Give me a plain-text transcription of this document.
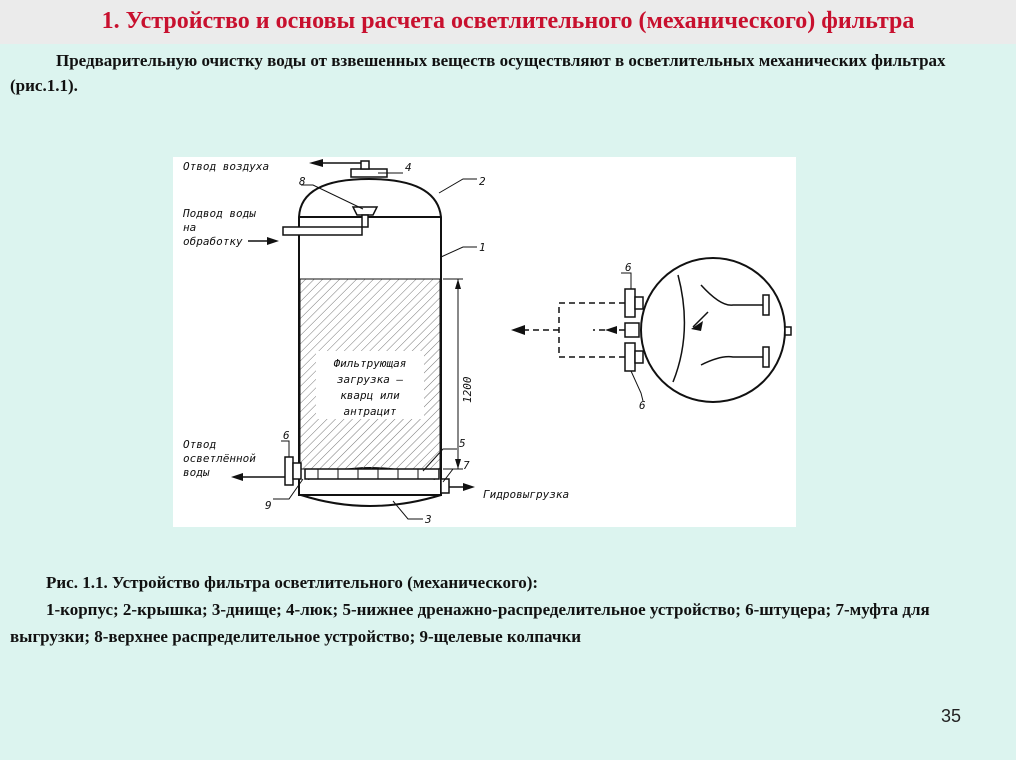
1. Устройство и основы расчета осветлительного (механического) фильтра
Предварительную очистку воды от взвешенных веществ осуществляют в осветлительных механических фильтрах (рис.1.1).
Фильтрующая
загрузка –
кварц или
антрацит
Отвод воздуха
Подвод воды
на
обработку
Отвод
осветлённой
воды
Гидровыгрузка
1200
4
2
1
8
5
7
3
9
6
6
6

Рис. 1.1. Устройство фильтра осветлительного (механического):

1-корпус; 2-крышка; 3-днище; 4-люк; 5-нижнее дренажно-распределительное устройство; 6-штуцера; 7-муфта для выгрузки; 8-верхнее распределительное устройство; 9-щелевые колпачки

35
